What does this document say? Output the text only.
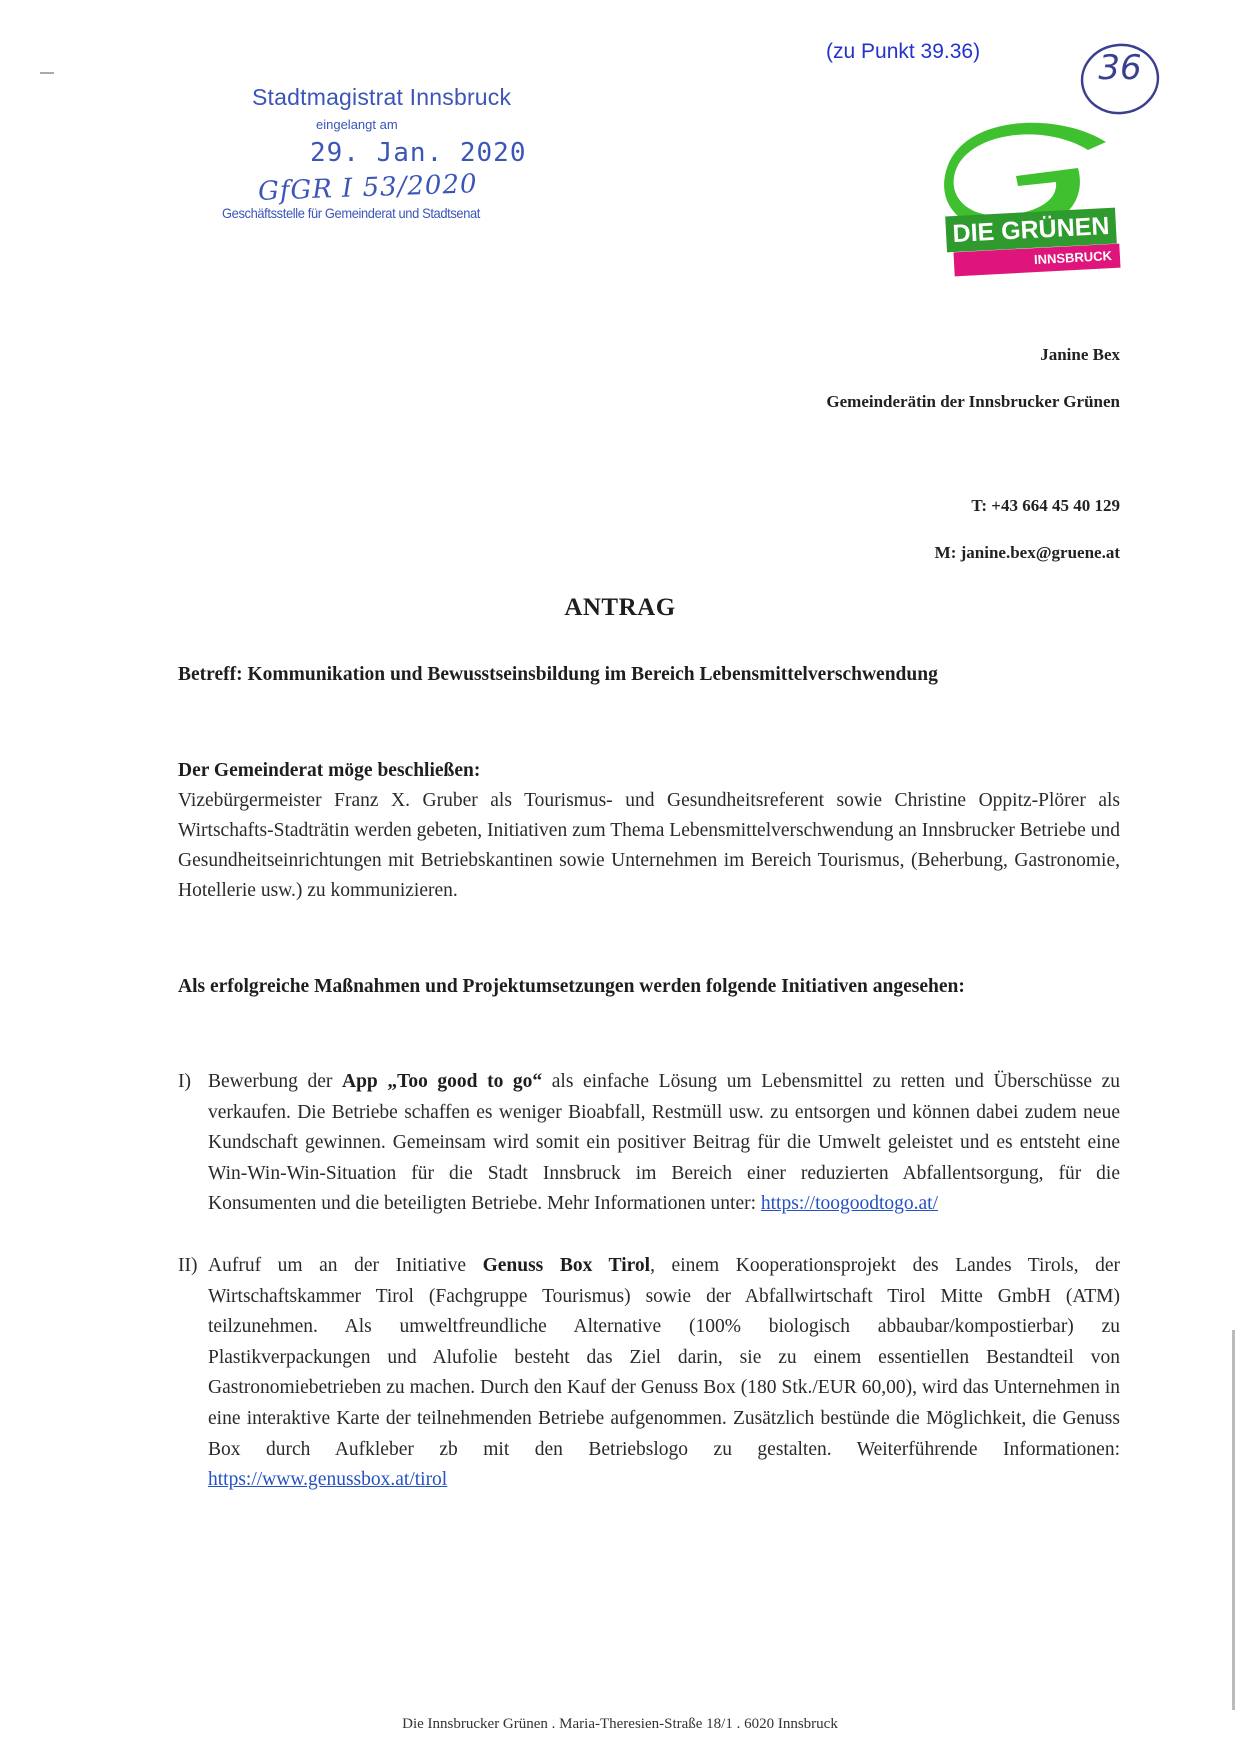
(zu Punkt 39.36)	36
Stadtmagistrat Innsbruck
eingelangt am
29. Jan. 2020
GfGR I 53/2020
Geschäftsstelle für Gemeinderat und Stadtsenat	DIE GRÜNEN
INNSBRUCK
Janine Bex
Gemeinderätin der Innsbrucker Grünen
T: +43 664 45 40 129
M: janine.bex@gruene.at
ANTRAG
Betreff: Kommunikation und Bewusstseinsbildung im Bereich Lebensmittelverschwendung
Der Gemeinderat möge beschließen:
Vizebürgermeister Franz X. Gruber als Tourismus- und Gesundheitsreferent sowie Christine Oppitz-Plörer als Wirtschafts-Stadträtin werden gebeten, Initiativen zum Thema Lebensmittelverschwendung an Innsbrucker Betriebe und Gesundheitseinrichtungen mit Betriebskantinen sowie Unternehmen im Bereich Tourismus, (Beherbung, Gastronomie, Hotellerie usw.) zu kommunizieren.
Als erfolgreiche Maßnahmen und Projektumsetzungen werden folgende Initiativen angesehen:
I) Bewerbung der App „Too good to go“ als einfache Lösung um Lebensmittel zu retten und Überschüsse zu verkaufen. Die Betriebe schaffen es weniger Bioabfall, Restmüll usw. zu entsorgen und können dabei zudem neue Kundschaft gewinnen. Gemeinsam wird somit ein positiver Beitrag für die Umwelt geleistet und es entsteht eine Win-Win-Win-Situation für die Stadt Innsbruck im Bereich einer reduzierten Abfallentsorgung, für die Konsumenten und die beteiligten Betriebe. Mehr Informationen unter: https://toogoodtogo.at/
II) Aufruf um an der Initiative Genuss Box Tirol, einem Kooperationsprojekt des Landes Tirols, der Wirtschaftskammer Tirol (Fachgruppe Tourismus) sowie der Abfallwirtschaft Tirol Mitte GmbH (ATM) teilzunehmen. Als umweltfreundliche Alternative (100% biologisch abbaubar/kompostierbar) zu Plastikverpackungen und Alufolie besteht das Ziel darin, sie zu einem essentiellen Bestandteil von Gastronomiebetrieben zu machen. Durch den Kauf der Genuss Box (180 Stk./EUR 60,00), wird das Unternehmen in eine interaktive Karte der teilnehmenden Betriebe aufgenommen. Zusätzlich bestünde die Möglichkeit, die Genuss Box durch Aufkleber zb mit den Betriebslogo zu gestalten. Weiterführende Informationen: https://www.genussbox.at/tirol
Die Innsbrucker Grünen . Maria-Theresien-Straße 18/1 . 6020 Innsbruck
